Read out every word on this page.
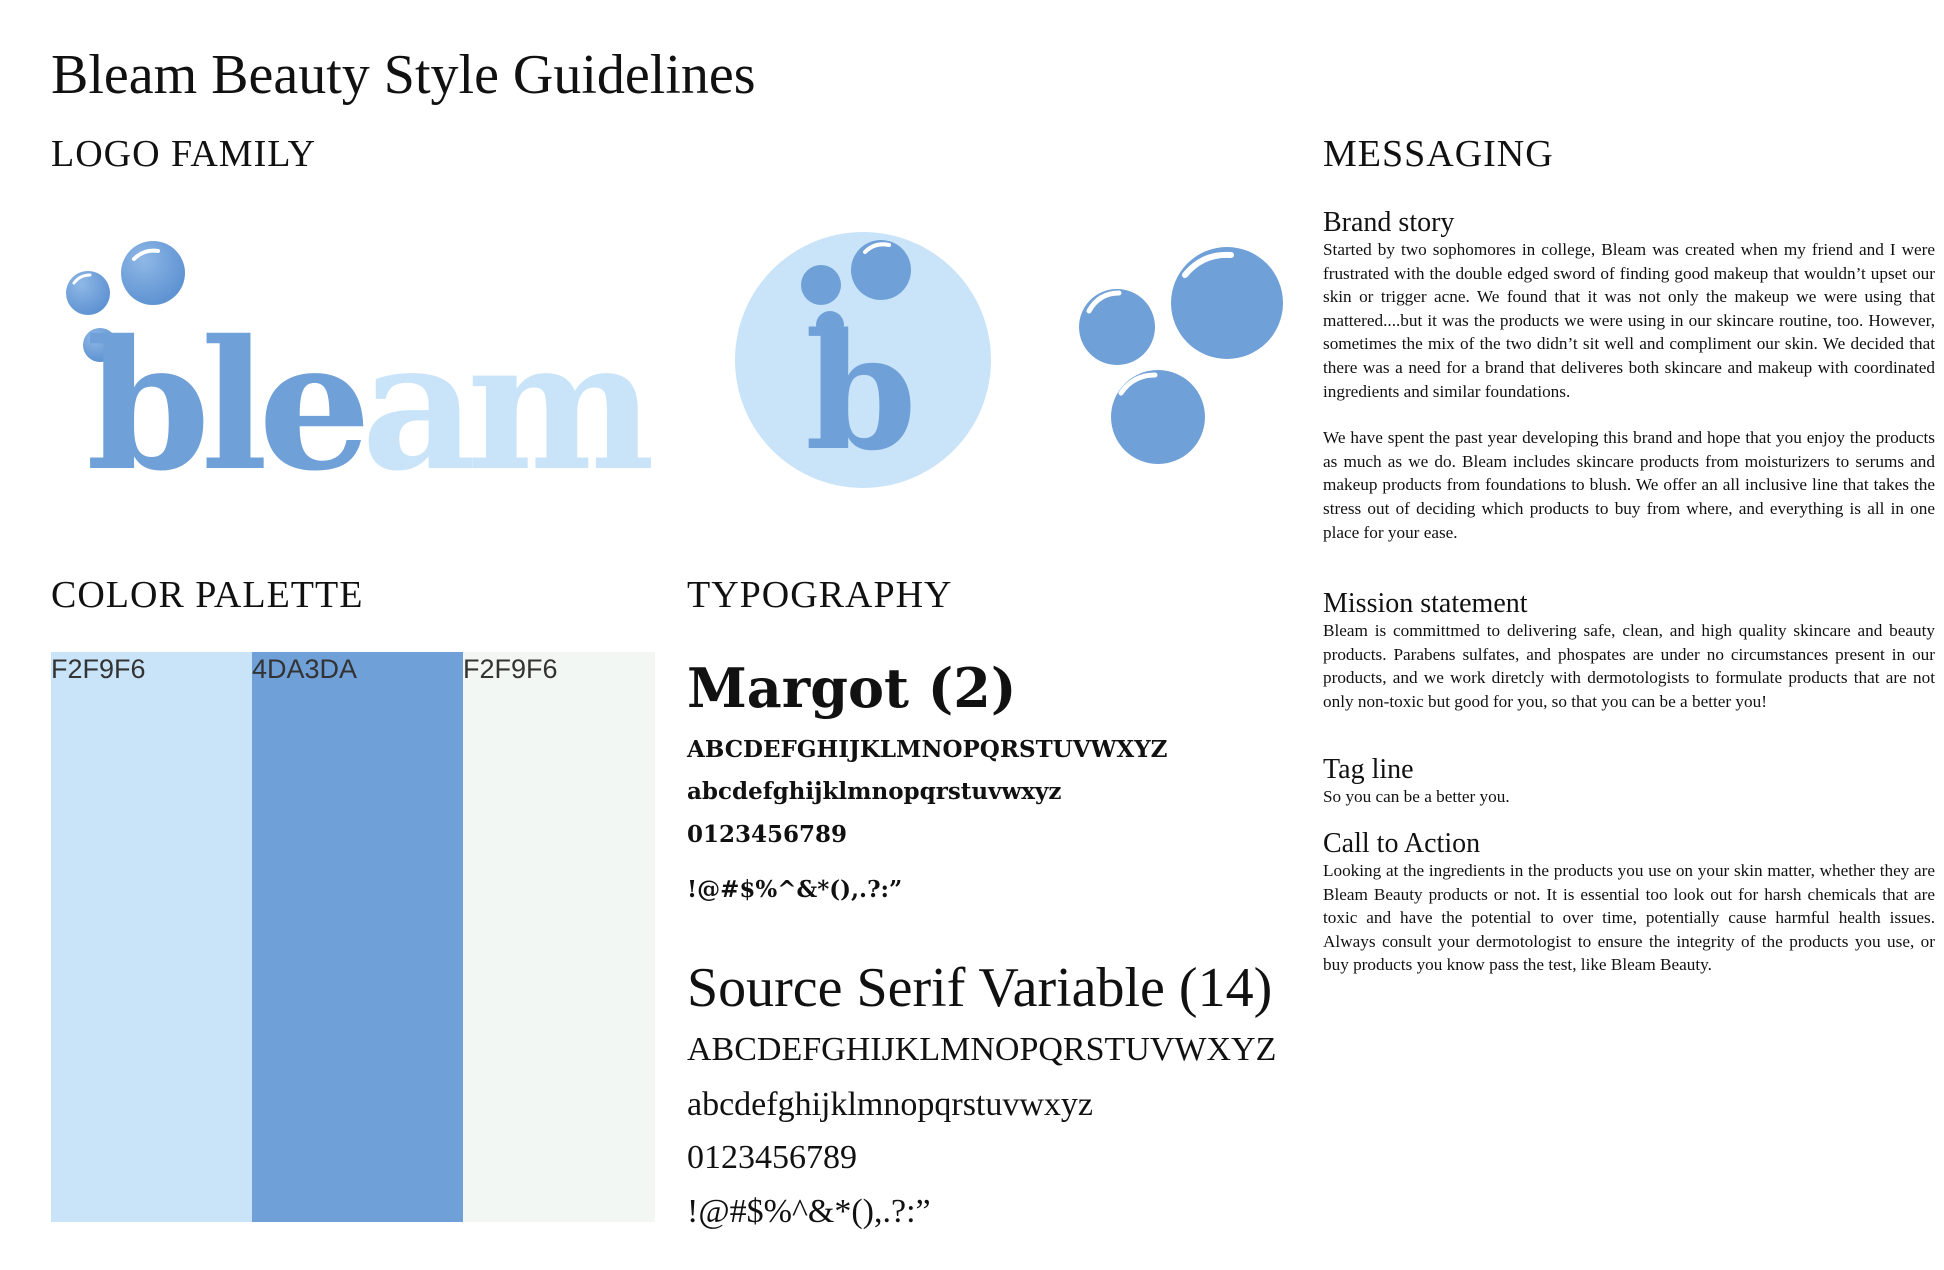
Bleam Beauty Style Guidelines
LOGO FAMILY	MESSAGING
COLOR PALETTE	TYPOGRAPHY
bleam b
F2F9F6	4DA3DA	F2F9F6 Margot (2)
ABCDEFGHIJKLMNOPQRSTUVWXYZ
abcdefghijklmnopqrstuvwxyz
0123456789
!@#$%^&*(),.?:”
Source Serif Variable (14)
ABCDEFGHIJKLMNOPQRSTUVWXYZ
abcdefghijklmnopqrstuvwxyz
0123456789
!@#$%^&*(),.?:”
Brand story

Started by two sophomores in college, Bleam was created when my friend and I were frustrated with the double edged sword of finding good makeup that wouldn’t upset our skin or trigger acne. We found that it was not only the makeup we were using that mattered....but it was the products we were using in our skincare routine, too. However, sometimes the mix of the two didn’t sit well and compliment our skin. We decided that there was a need for a brand that deliveres both skincare and makeup with coordinated ingredients and similar foundations.

We have spent the past year developing this brand and hope that you enjoy the products as much as we do. Bleam includes skincare products from moisturizers to serums and makeup products from foundations to blush. We offer an all inclusive line that takes the stress out of deciding which products to buy from where, and everything is all in one place for your ease.

Mission statement

Bleam is committmed to delivering safe, clean, and high quality skincare and beauty products. Parabens sulfates, and phospates are under no circumstances present in our products, and we work diretcly with dermotologists to formulate products that are not only non-toxic but good for you, so that you can be a better you!

Tag line

So you can be a better you.

Call to Action

Looking at the ingredients in the products you use on your skin matter, whether they are Bleam Beauty products or not. It is essential too look out for harsh chemicals that are toxic and have the potential to over time, potentially cause harmful health issues. Always consult your dermotologist to ensure the integrity of the products you use, or buy products you know pass the test, like Bleam Beauty.
